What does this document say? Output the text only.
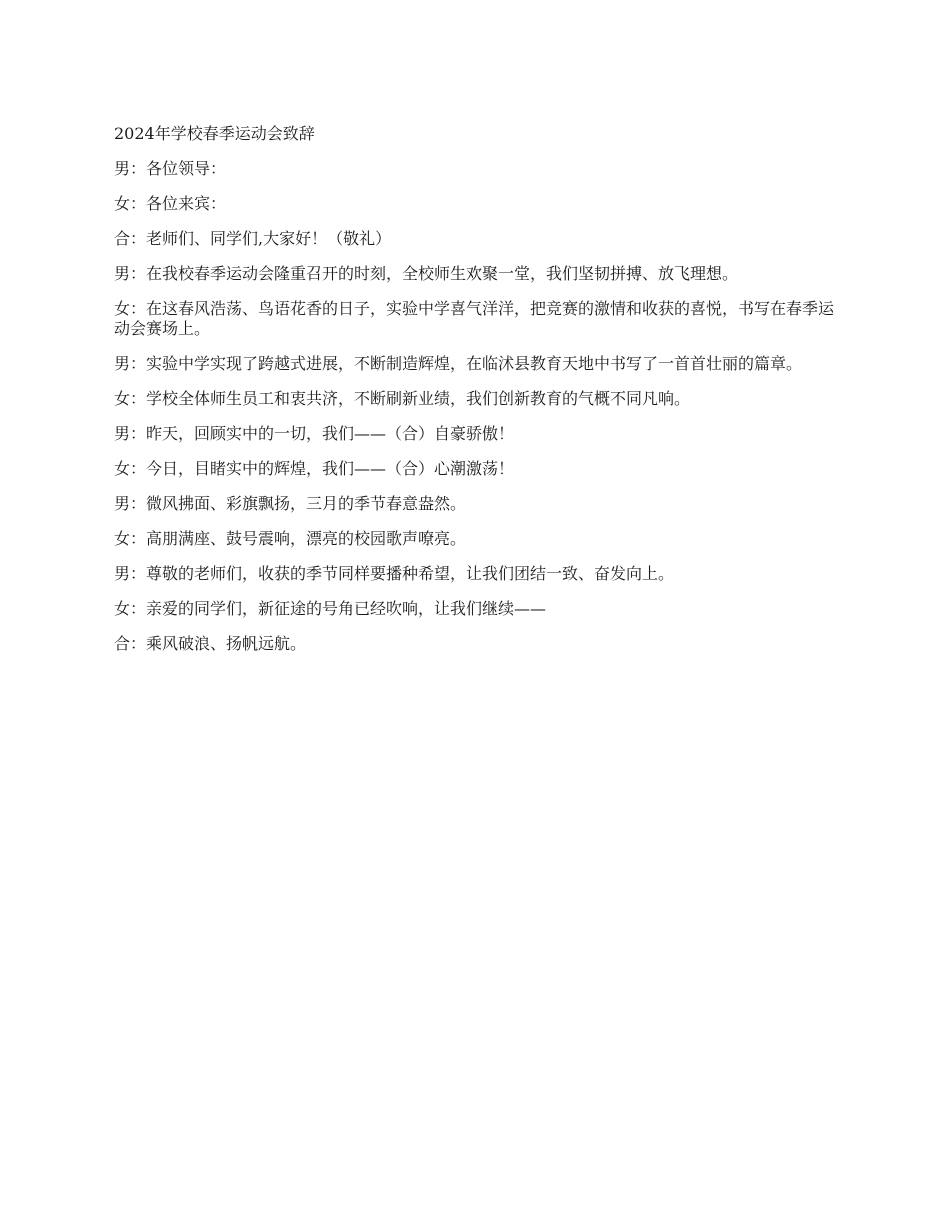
2024年学校春季运动会致辞
男：各位领导：
女：各位来宾：
合：老师们、同学们,大家好！（敬礼）
男：在我校春季运动会隆重召开的时刻，全校师生欢聚一堂，我们坚韧拼搏、放飞理想。
女：在这春风浩荡、鸟语花香的日子，实验中学喜气洋洋，把竞赛的激情和收获的喜悦，书写在春季运动会赛场上。
男：实验中学实现了跨越式进展，不断制造辉煌，在临沭县教育天地中书写了一首首壮丽的篇章。
女：学校全体师生员工和衷共济，不断刷新业绩，我们创新教育的气概不同凡响。
男：昨天，回顾实中的一切，我们——（合）自豪骄傲！
女：今日，目睹实中的辉煌，我们——（合）心潮激荡！
男：微风拂面、彩旗飘扬，三月的季节春意盎然。
女：高朋满座、鼓号震响，漂亮的校园歌声嘹亮。
男：尊敬的老师们，收获的季节同样要播种希望，让我们团结一致、奋发向上。
女：亲爱的同学们，新征途的号角已经吹响，让我们继续——
合：乘风破浪、扬帆远航。
